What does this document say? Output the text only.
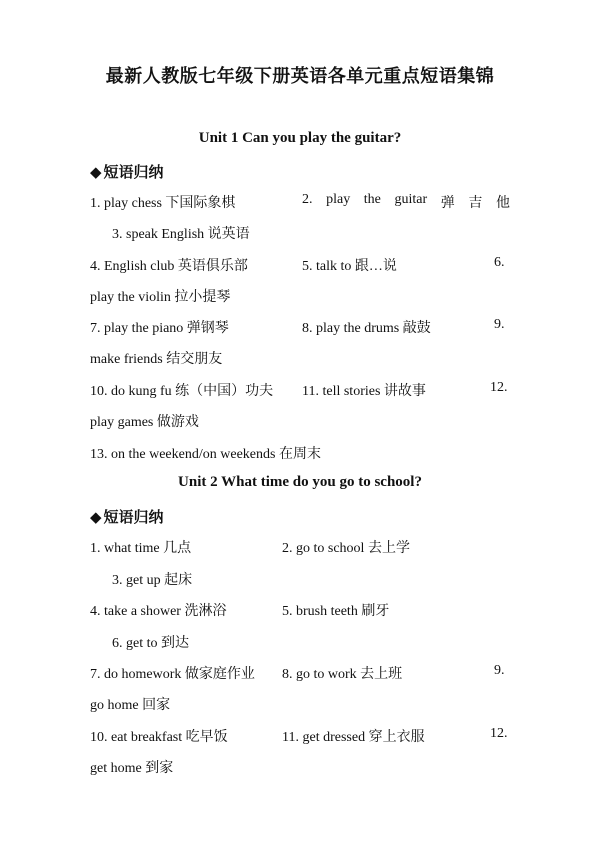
最新人教版七年级下册英语各单元重点短语集锦
Unit 1 Can you play the guitar?
◆ 短语归纳
1. play chess 下国际象棋	2. play the guitar 弹 吉 他
3. speak English 说英语
4. English club 英语俱乐部	5. talk to 跟…说	6.
play the violin 拉小提琴
7. play the piano 弹钢琴	8. play the drums 敲鼓	9.
make friends 结交朋友
10. do kung fu 练（中国）功夫 11. tell stories 讲故事	12.
play games 做游戏
13. on the weekend/on weekends 在周末
Unit 2 What time do you go to school?
◆ 短语归纳
1. what time 几点	2. go to school 去上学
3. get up 起床
4. take a shower 洗淋浴	5. brush teeth 刷牙
6. get to 到达
7. do homework 做家庭作业 8. go to work 去上班	9.
go home 回家
10. eat breakfast 吃早饭	11. get dressed 穿上衣服	12.
get home 到家
